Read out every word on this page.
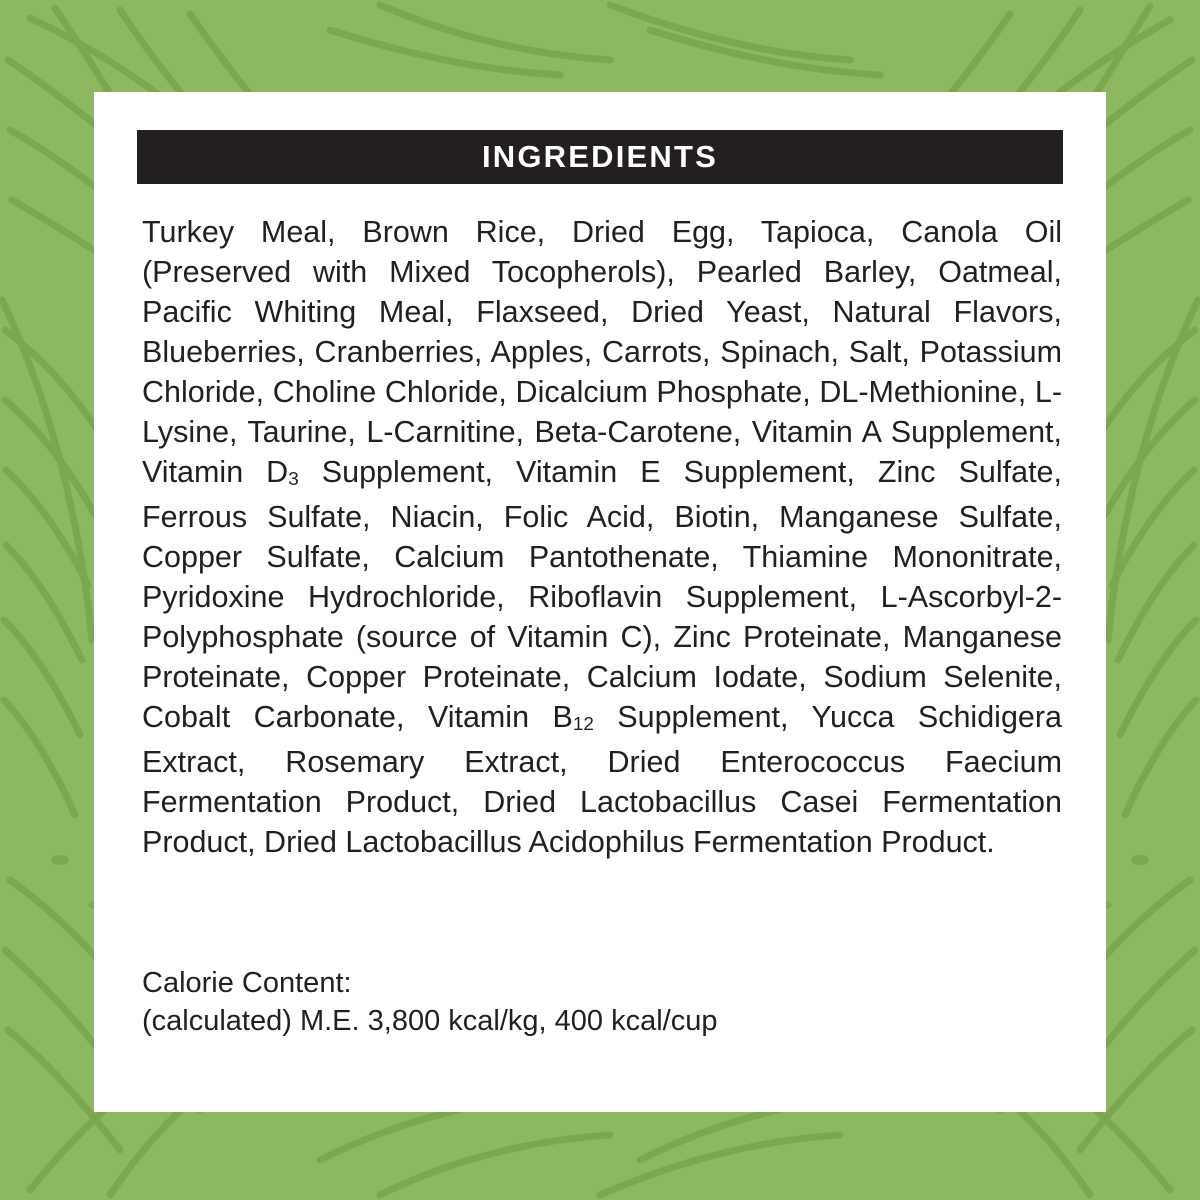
INGREDIENTS
Turkey Meal, Brown Rice, Dried Egg, Tapioca, Canola Oil (Preserved with Mixed Tocopherols), Pearled Barley, Oatmeal, Pacific Whiting Meal, Flaxseed, Dried Yeast, Natural Flavors, Blueberries, Cranberries, Apples, Carrots, Spinach, Salt, Potassium Chloride, Choline Chloride, Dicalcium Phosphate, DL-Methionine, L-Lysine, Taurine, L-Carnitine, Beta-Carotene, Vitamin A Supplement, Vitamin D3 Supplement, Vitamin E Supplement, Zinc Sulfate, Ferrous Sulfate, Niacin, Folic Acid, Biotin, Manganese Sulfate, Copper Sulfate, Calcium Pantothenate, Thiamine Mononitrate, Pyridoxine Hydrochloride, Riboflavin Supplement, L-Ascorbyl-2-Polyphosphate (source of Vitamin C), Zinc Proteinate, Manganese Proteinate, Copper Proteinate, Calcium Iodate, Sodium Selenite, Cobalt Carbonate, Vitamin B12 Supplement, Yucca Schidigera Extract, Rosemary Extract, Dried Enterococcus Faecium Fermentation Product, Dried Lactobacillus Casei Fermentation Product, Dried Lactobacillus Acidophilus Fermentation Product.
Calorie Content:
(calculated) M.E. 3,800 kcal/kg, 400 kcal/cup
